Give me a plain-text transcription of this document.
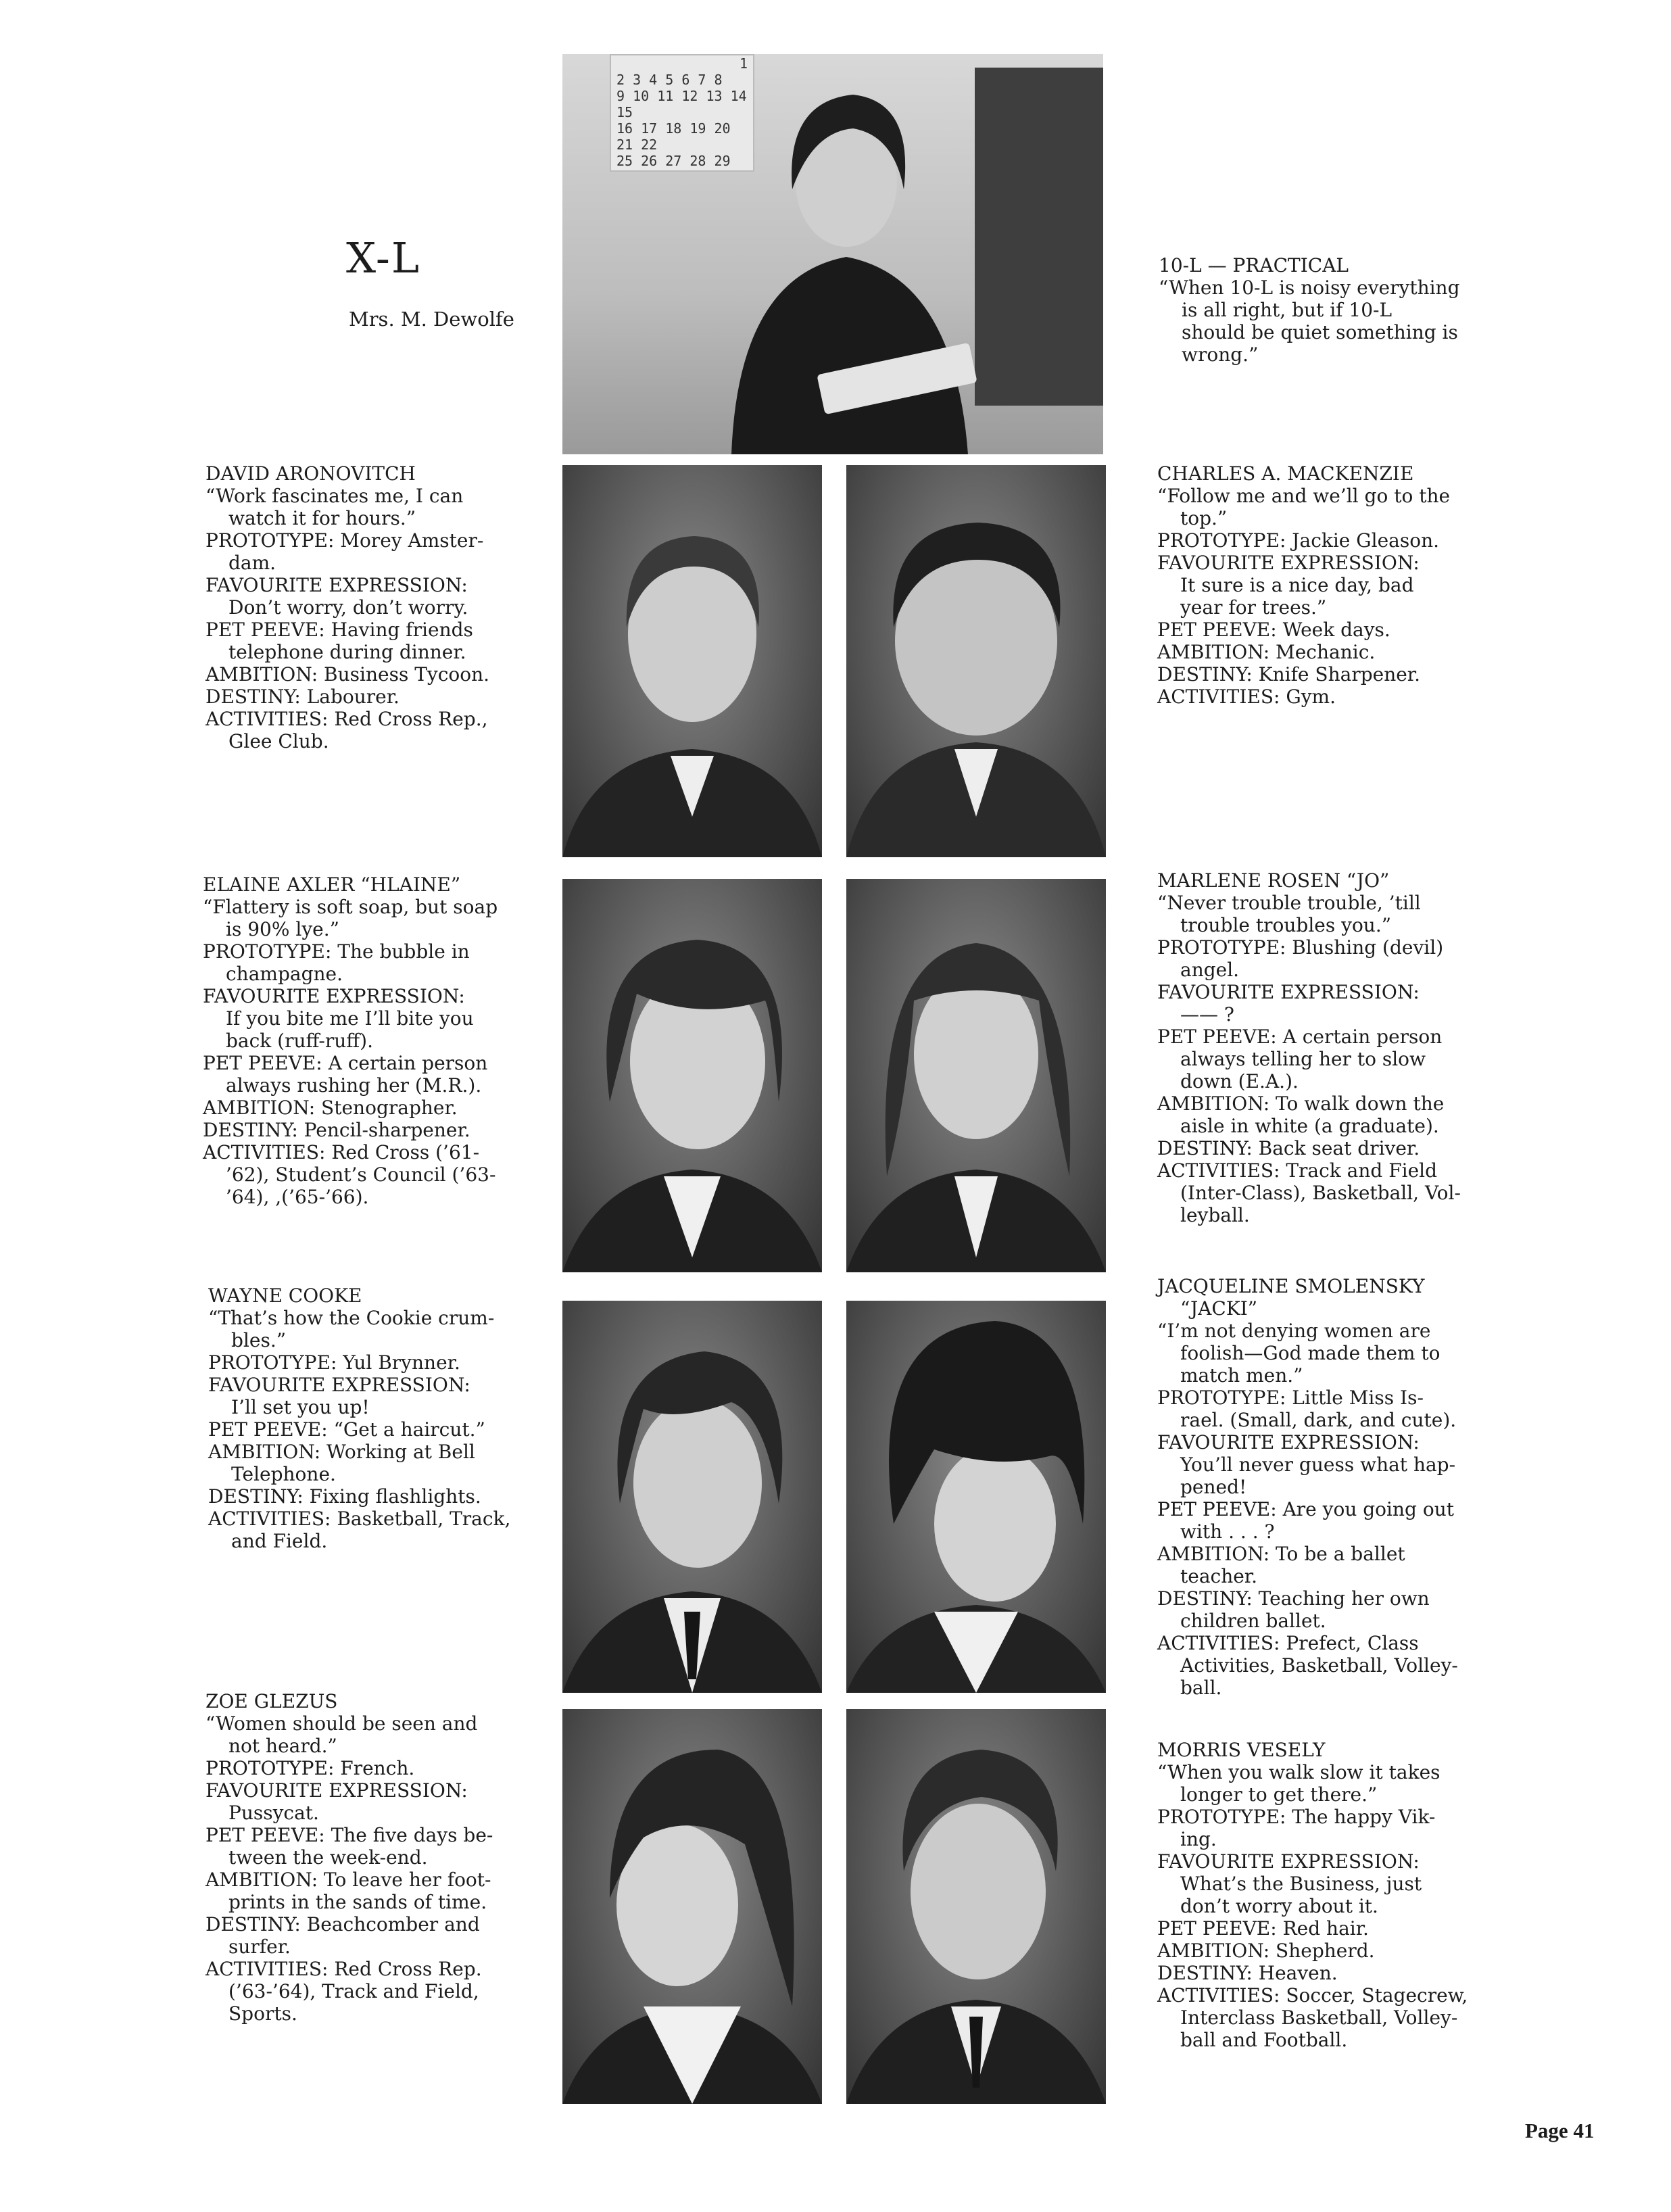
X-L
Mrs. M. Dewolfe
1
2 3 4 5 6 7 8
9 10 11 12 13 14 15
16 17 18 19 20 21 22
25 26 27 28 29
10-L — PRACTICAL
“When 10-L is noisy everything
is all right, but if 10-L
should be quiet something is
wrong.”
DAVID ARONOVITCH
“Work fascinates me, I can
watch it for hours.”
PROTOTYPE: Morey Amster-
dam.
FAVOURITE EXPRESSION:
Don’t worry, don’t worry.
PET PEEVE: Having friends
telephone during dinner.
AMBITION: Business Tycoon.
DESTINY: Labourer.
ACTIVITIES: Red Cross Rep.,
Glee Club.
CHARLES A. MACKENZIE
“Follow me and we’ll go to the
top.”
PROTOTYPE: Jackie Gleason.
FAVOURITE EXPRESSION:
It sure is a nice day, bad
year for trees.”
PET PEEVE: Week days.
AMBITION: Mechanic.
DESTINY: Knife Sharpener.
ACTIVITIES: Gym.
ELAINE AXLER “HLAINE”
“Flattery is soft soap, but soap
is 90% lye.”
PROTOTYPE: The bubble in
champagne.
FAVOURITE EXPRESSION:
If you bite me I’ll bite you
back (ruff-ruff).
PET PEEVE: A certain person
always rushing her (M.R.).
AMBITION: Stenographer.
DESTINY: Pencil-sharpener.
ACTIVITIES: Red Cross (’61-
’62), Student’s Council (’63-
’64), ,(’65-’66).
MARLENE ROSEN “JO”
“Never trouble trouble, ’till
trouble troubles you.”
PROTOTYPE: Blushing (devil)
angel.
FAVOURITE EXPRESSION:
—— ?
PET PEEVE: A certain person
always telling her to slow
down (E.A.).
AMBITION: To walk down the
aisle in white (a graduate).
DESTINY: Back seat driver.
ACTIVITIES: Track and Field
(Inter-Class), Basketball, Vol-
leyball.
WAYNE COOKE
“That’s how the Cookie crum-
bles.”
PROTOTYPE: Yul Brynner.
FAVOURITE EXPRESSION:
I’ll set you up!
PET PEEVE: “Get a haircut.”
AMBITION: Working at Bell
Telephone.
DESTINY: Fixing flashlights.
ACTIVITIES: Basketball, Track,
and Field.
JACQUELINE SMOLENSKY
“JACKI”
“I’m not denying women are
foolish—God made them to
match men.”
PROTOTYPE: Little Miss Is-
rael. (Small, dark, and cute).
FAVOURITE EXPRESSION:
You’ll never guess what hap-
pened!
PET PEEVE: Are you going out
with . . . ?
AMBITION: To be a ballet
teacher.
DESTINY: Teaching her own
children ballet.
ACTIVITIES: Prefect, Class
Activities, Basketball, Volley-
ball.
ZOE GLEZUS
“Women should be seen and
not heard.”
PROTOTYPE: French.
FAVOURITE EXPRESSION:
Pussycat.
PET PEEVE: The five days be-
tween the week-end.
AMBITION: To leave her foot-
prints in the sands of time.
DESTINY: Beachcomber and
surfer.
ACTIVITIES: Red Cross Rep.
(’63-’64), Track and Field,
Sports.
MORRIS VESELY
“When you walk slow it takes
longer to get there.”
PROTOTYPE: The happy Vik-
ing.
FAVOURITE EXPRESSION:
What’s the Business, just
don’t worry about it.
PET PEEVE: Red hair.
AMBITION: Shepherd.
DESTINY: Heaven.
ACTIVITIES: Soccer, Stagecrew,
Interclass Basketball, Volley-
ball and Football.
Page 41
